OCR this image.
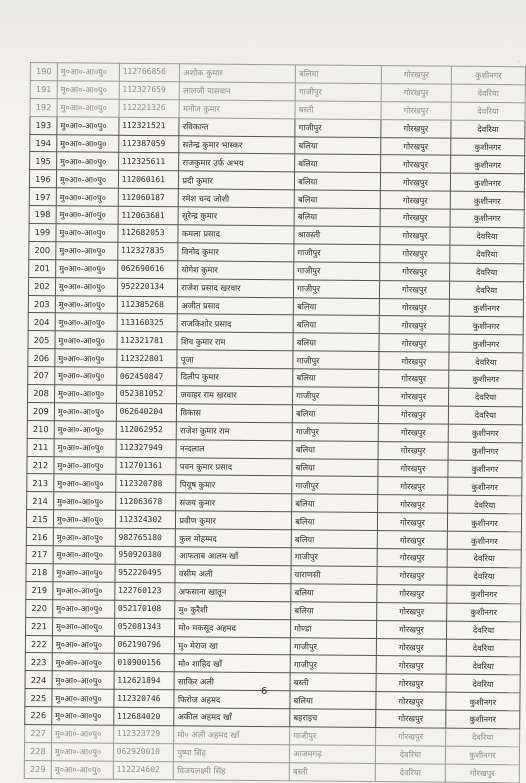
·
190	मु०आ०-आ०पु०	112766856	अशोक कुमार	बलिया	गोरखपुर	कुशीनगर
191	मु०आ०-आ०पु०	112327659	लालजी पासवान	गाजीपुर	गोरखपुर	देवरिया
192	मु०आ०-आ०पु०	112221326	मनोज कुमार	बस्ती	गोरखपुर	देवरिया
193	मु०आ०-आ०पु०	112321521	रविकान्त	गाजीपुर	गोरखपुर	देवरिया
194	मु०आ०-आ०पु०	112387059	सतेन्द्र कुमार भास्कर	बलिया	गोरखपुर	कुशीनगर
195	मु०आ०-आ०पु०	112325611	राजकुमार उर्फ अभय	बलिया	गोरखपुर	कुशीनगर
196	मु०आ०-आ०पु०	112060161	प्रदी कुमार	बलिया	गोरखपुर	कुशीनगर
197	मु०आ०-आ०पु०	112060187	रमेश चन्द जोशी	बलिया	गोरखपुर	कुशीनगर
198	मु०आ०-आ०पु०	112063681	सुरेन्द्र कुमार	बलिया	गोरखपुर	कुशीनगर
199	मु०आ०-आ०पु०	112682053	कमला प्रसाद	श्रावस्ती	गोरखपुर	देवरिया
200	मु०आ०-आ०पु०	112327835	विनोद कुमार	गाजीपुर	गोरखपुर	देवरिया
201	मु०आ०-आ०पु०	062690616	योगेश कुमार	गाजीपुर	गोरखपुर	देवरिया
202	मु०आ०-आ०पु०	952220134	राजेश प्रसाद खरवार	गाजीपुर	गोरखपुर	देवरिया
203	मु०आ०-आ०पु०	112385268	अजीत प्रसाद	बलिया	गोरखपुर	कुशीनगर
204	मु०आ०-आ०पु०	113160325	राजकिशोर प्रसाद	बलिया	गोरखपुर	कुशीनगर
205	मु०आ०-आ०पु०	112321781	शिव कुमार राम	बलिया	गोरखपुर	कुशीनगर
206	मु०आ०-आ०पु०	112322801	पूजा	गाजीपुर	गोरखपुर	देवरिया
207	मु०आ०-आ०पु०	062450847	दिलीप कुमार	बलिया	गोरखपुर	कुशीनगर
208	मु०आ०-आ०पु०	052381052	जवाहर राम खरवार	गाजीपुर	गोरखपुर	देवरिया
209	मु०आ०-आ०पु०	062640204	विकास	बलिया	गोरखपुर	देवरिया
210	मु०आ०-आ०पु०	112062952	राजेश कुमार राम	गाजीपुर	गोरखपुर	कुशीनगर
211	मु०आ०-आ०पु०	112327949	नन्दलाल	बलिया	गोरखपुर	कुशीनगर
212	मु०आ०-आ०पु०	112701361	पवन कुमार प्रसाद	बलिया	गोरखपुर	कुशीनगर
213	मु०आ०-आ०पु०	112320788	पियूष कुमार	गाजीपुर	गोरखपुर	कुशीनगर
214	मु०आ०-आ०पु०	112063678	संजय कुमार	बलिया	गोरखपुर	देवरिया
215	मु०आ०-आ०पु०	112324302	प्रवीण कुमार	बलिया	गोरखपुर	कुशीनगर
216	मु०आ०-आ०पु०	982765180	फुल मोहम्मद	बलिया	गोरखपुर	कुशीनगर
217	मु०आ०-आ०पु०	950920380	आफताब आलम खाँ	गाजीपुर	गोरखपुर	देवरिया
218	मु०आ०-आ०पु०	952220495	वसीम अली	वाराणसी	गोरखपुर	देवरिया
219	मु०आ०-आ०पु०	122760123	अफसाना खातून	बलिया	गोरखपुर	कुशीनगर
220	मु०आ०-आ०पु०	052170108	मु० कुरैशी	बलिया	गोरखपुर	कुशीनगर
221	मु०आ०-आ०पु०	052081343	मो० मकसूद अहमद	गोण्डा	गोरखपुर	देवरिया
222	मु०आ०-आ०पु०	062190796	मु० मेराज खा	गाजीपुर	गोरखपुर	देवरिया
223	मु०आ०-आ०पु०	010900156	मो० शाहिद खाँ	गाजीपुर	गोरखपुर	देवरिया
224	मु०आ०-आ०पु०	112621894	साकिर अली	बस्ती	गोरखपुर	देवरिया
225	मु०आ०-आ०पु०	112320746	फिरोज अहमद	बलिया	गोरखपुर	कुशीनगर
226	मु०आ०-आ०पु०	112684020	अकील अहमद खाँ	बहराइच	गोरखपुर	कुशीनगर
227	मु०आ०-आ०पु०	112323729	मो० अली अहमद खाँ	गाजीपुर	गोरखपुर	देवरिया
228	मु०आ०-आ०पु०	062920010	पुष्पा सिंह	आजमगढ़	देवरिया	कुशीनगर
229	मु०आ०-आ०पु०	112224602	विजयलक्ष्मी सिंह	बस्ती	देवरिया	गोरखपुर
6
